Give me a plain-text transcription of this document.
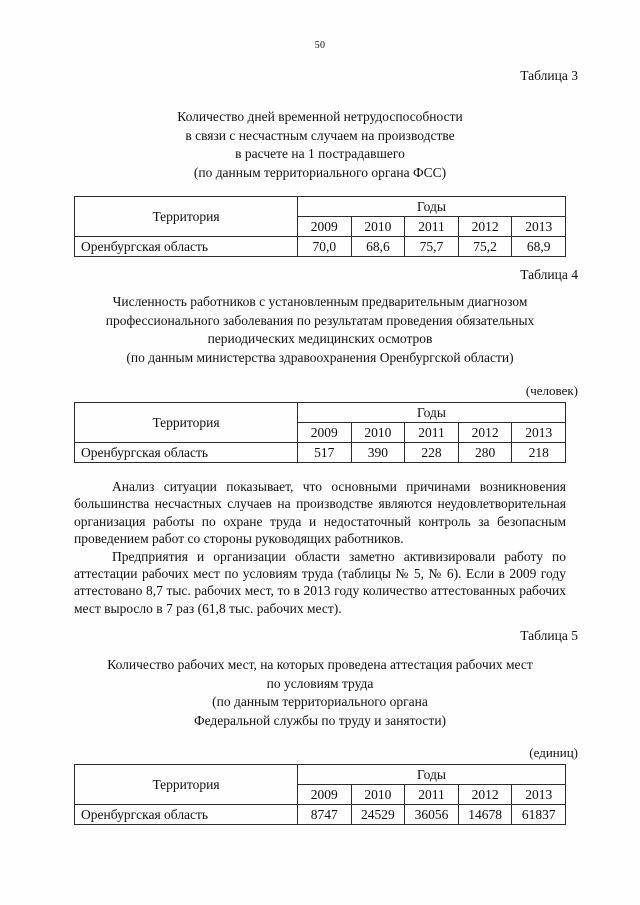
50
Таблица 3
Количество дней временной нетрудоспособности
в связи с несчастным случаем на производстве
в расчете на 1 пострадавшего
(по данным территориального органа ФСС)
Территория	Годы				
	2009	2010	2011	2012	2013
Оренбургская область	70,0	68,6	75,7	75,2	68,9
Таблица 4
Численность работников с установленным предварительным диагнозом
профессионального заболевания по результатам проведения обязательных
периодических медицинских осмотров
(по данным министерства здравоохранения Оренбургской области)
(человек)
Территория	Годы				
	2009	2010	2011	2012	2013
Оренбургская область	517	390	228	280	218

Анализ ситуации показывает, что основными причинами возникновения большинства несчастных случаев на производстве являются неудовлетворительная организация работы по охране труда и недостаточный контроль за безопасным проведением работ со стороны руководящих работников.

Предприятия и организации области заметно активизировали работу по аттестации рабочих мест по условиям труда (таблицы № 5, № 6). Если в 2009 году аттестовано 8,7 тыс. рабочих мест, то в 2013 году количество аттестованных рабочих мест выросло в 7 раз (61,8 тыс. рабочих мест).

Таблица 5
Количество рабочих мест, на которых проведена аттестация рабочих мест
по условиям труда
(по данным территориального органа
Федеральной службы по труду и занятости)
(единиц)
Территория	Годы				
	2009	2010	2011	2012	2013
Оренбургская область	8747	24529	36056	14678	61837
